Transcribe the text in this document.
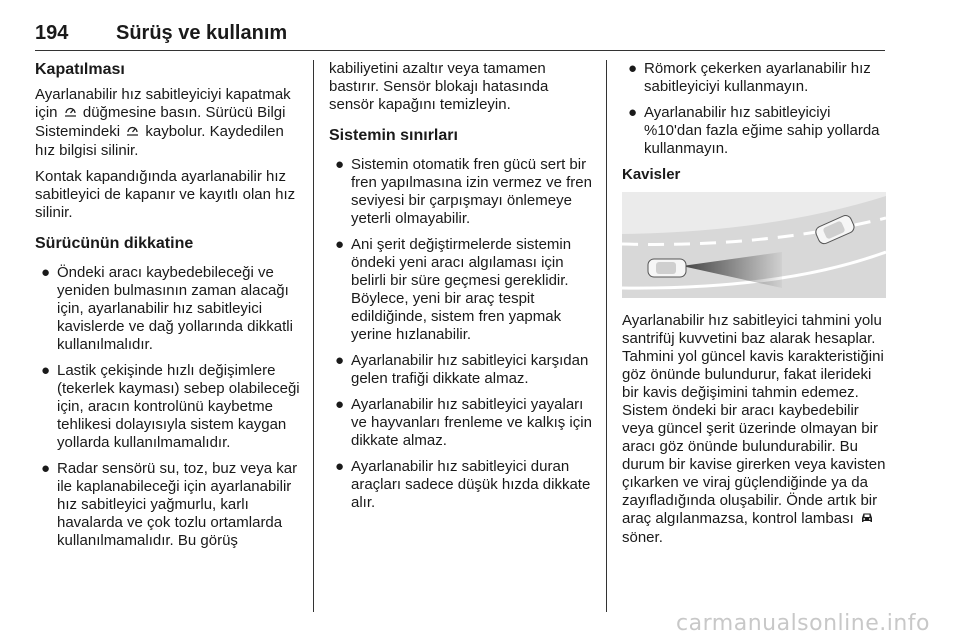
194 Sürüş ve kullanım
Kapatılması

Ayarlanabilir hız sabitleyiciyi kapatmak için düğmesine basın. Sürücü Bilgi Sistemindeki kaybolur. Kaydedilen hız bilgisi silinir.

Kontak kapandığında ayarlanabilir hız sabitleyici de kapanır ve kayıtlı olan hız silinir.

Sürücünün dikkatine
● Öndeki aracı kaybedebileceği ve yeniden bulmasının zaman alacağı için, ayarlanabilir hız sabitleyici kavislerde ve dağ yollarında dikkatli kullanılmalıdır.
● Lastik çekişinde hızlı değişimlere (tekerlek kayması) sebep olabileceği için, aracın kontrolünü kaybetme tehlikesi dolayısıyla sistem kaygan yollarda kullanılmamalıdır.
● Radar sensörü su, toz, buz veya kar ile kaplanabileceği için ayarlanabilir hız sabitleyici yağmurlu, karlı havalarda ve çok tozlu ortamlarda kullanılmamalıdır. Bu görüş

kabiliyetini azaltır veya tamamen bastırır. Sensör blokajı hatasında sensör kapağını temizleyin.

Sistemin sınırları
● Sistemin otomatik fren gücü sert bir fren yapılmasına izin vermez ve fren seviyesi bir çarpışmayı önlemeye yeterli olmayabilir.
● Ani şerit değiştirmelerde sistemin öndeki yeni aracı algılaması için belirli bir süre geçmesi gereklidir. Böylece, yeni bir araç tespit edildiğinde, sistem fren yapmak yerine hızlanabilir.
● Ayarlanabilir hız sabitleyici karşıdan gelen trafiği dikkate almaz.
● Ayarlanabilir hız sabitleyici yayaları ve hayvanları frenleme ve kalkış için dikkate almaz.
● Ayarlanabilir hız sabitleyici duran araçları sadece düşük hızda dikkate alır.
● Römork çekerken ayarlanabilir hız sabitleyiciyi kullanmayın.
● Ayarlanabilir hız sabitleyiciyi %10'dan fazla eğime sahip yollarda kullanmayın.
Kavisler

Ayarlanabilir hız sabitleyici tahmini yolu santrifüj kuvvetini baz alarak hesaplar. Tahmini yol güncel kavis karakteristiğini göz önünde bulundurur, fakat ilerideki bir kavis değişimini tahmin edemez. Sistem öndeki bir aracı kaybedebilir veya güncel şerit üzerinde olmayan bir aracı göz önünde bulundurabilir. Bu durum bir kavise girerken veya kavisten çıkarken ve viraj güçlendiğinde ya da zayıfladığında oluşabilir. Önde artık bir araç algılanmazsa, kontrol lambası  söner.

carmanualsonline.info
